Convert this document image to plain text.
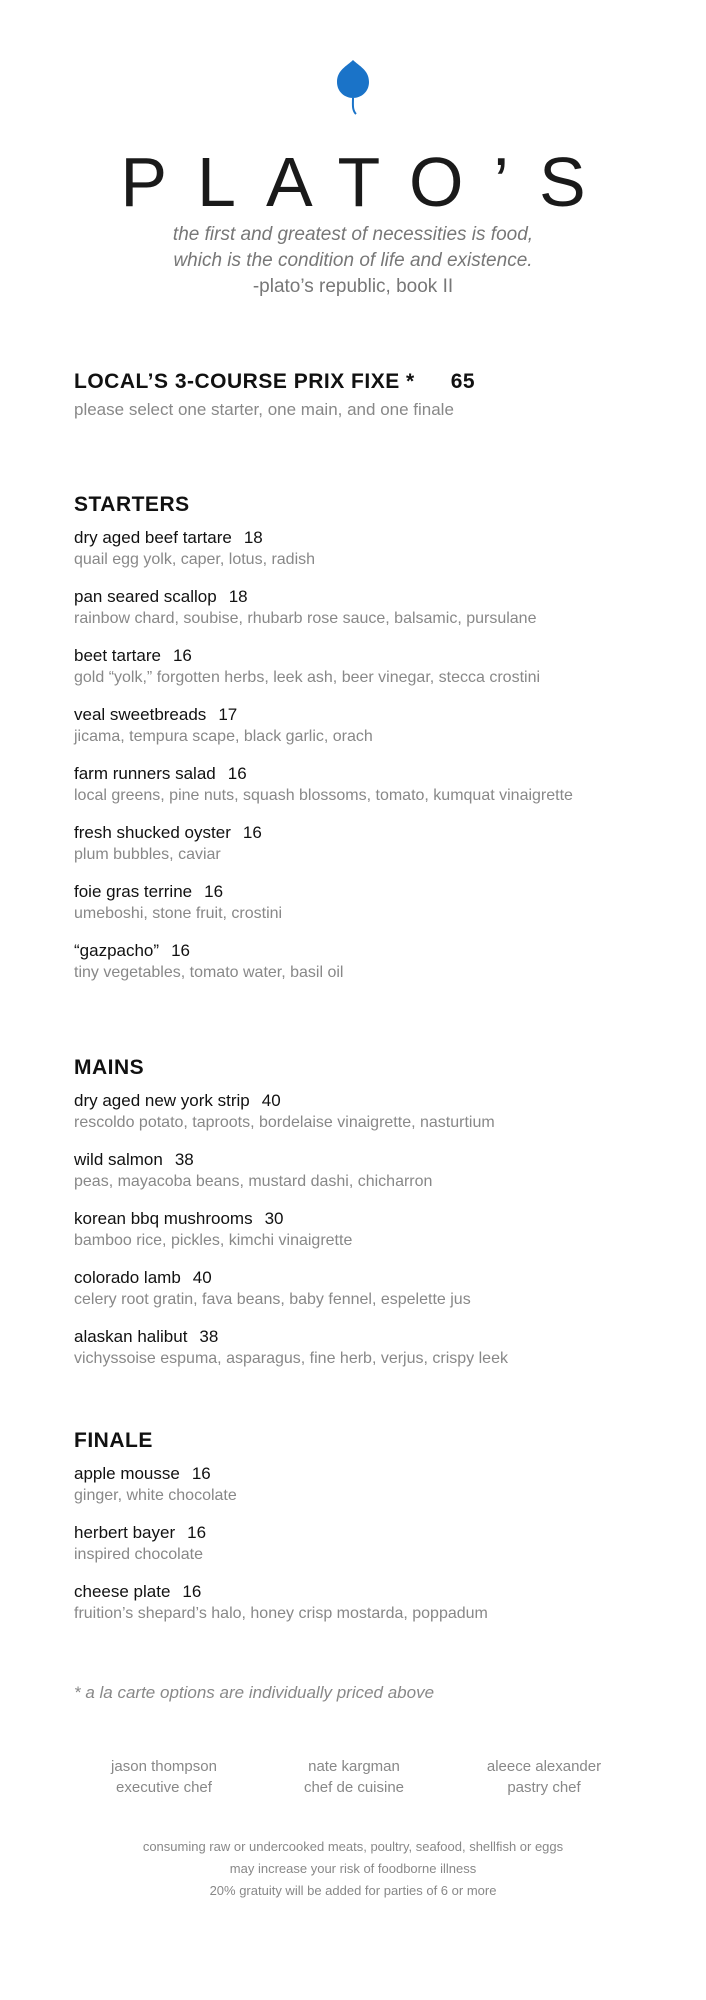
PLATO’S
the first and greatest of necessities is food,
which is the condition of life and existence.
-plato’s republic, book II
LOCAL’S 3-COURSE PRIX FIXE * 65
please select one starter, one main, and one finale
STARTERS
dry aged beef tartare 18
quail egg yolk, caper, lotus, radish
pan seared scallop 18
rainbow chard, soubise, rhubarb rose sauce, balsamic, pursulane
beet tartare 16
gold “yolk,” forgotten herbs, leek ash, beer vinegar, stecca crostini
veal sweetbreads 17
jicama, tempura scape, black garlic, orach
farm runners salad 16
local greens, pine nuts, squash blossoms, tomato, kumquat vinaigrette
fresh shucked oyster 16
plum bubbles, caviar
foie gras terrine 16
umeboshi, stone fruit, crostini
“gazpacho” 16
tiny vegetables, tomato water, basil oil
MAINS
dry aged new york strip 40
rescoldo potato, taproots, bordelaise vinaigrette, nasturtium
wild salmon 38
peas, mayacoba beans, mustard dashi, chicharron
korean bbq mushrooms 30
bamboo rice, pickles, kimchi vinaigrette
colorado lamb 40
celery root gratin, fava beans, baby fennel, espelette jus
alaskan halibut 38
vichyssoise espuma, asparagus, fine herb, verjus, crispy leek
FINALE
apple mousse 16
ginger, white chocolate
herbert bayer 16
inspired chocolate
cheese plate 16
fruition’s shepard’s halo, honey crisp mostarda, poppadum
* a la carte options are individually priced above
jason thompson
executive chef
nate kargman
chef de cuisine
aleece alexander
pastry chef
consuming raw or undercooked meats, poultry, seafood, shellfish or eggs
may increase your risk of foodborne illness
20% gratuity will be added for parties of 6 or more
